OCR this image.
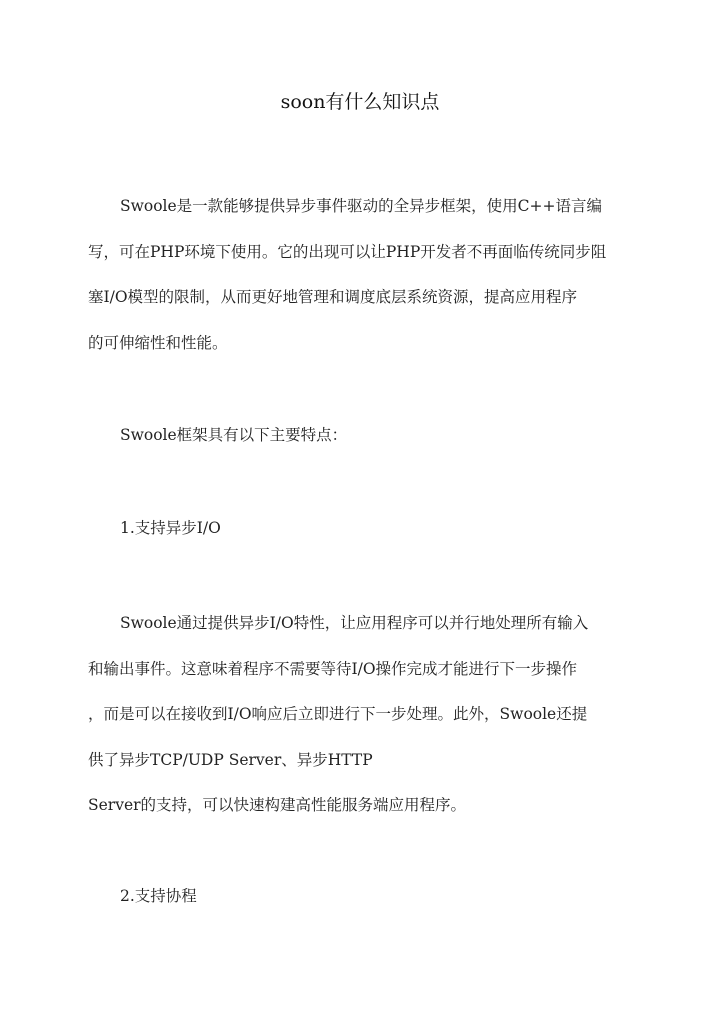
soon有什么知识点
Swoole是一款能够提供异步事件驱动的全异步框架，使用C++语言编
写，可在PHP环境下使用。它的出现可以让PHP开发者不再面临传统同步阻
塞I/O模型的限制，从而更好地管理和调度底层系统资源，提高应用程序
的可伸缩性和性能。
Swoole框架具有以下主要特点：
1.支持异步I/O
Swoole通过提供异步I/O特性，让应用程序可以并行地处理所有输入
和输出事件。这意味着程序不需要等待I/O操作完成才能进行下一步操作
，而是可以在接收到I/O响应后立即进行下一步处理。此外，Swoole还提
供了异步TCP/UDP Server、异步HTTP
Server的支持，可以快速构建高性能服务端应用程序。
2.支持协程
